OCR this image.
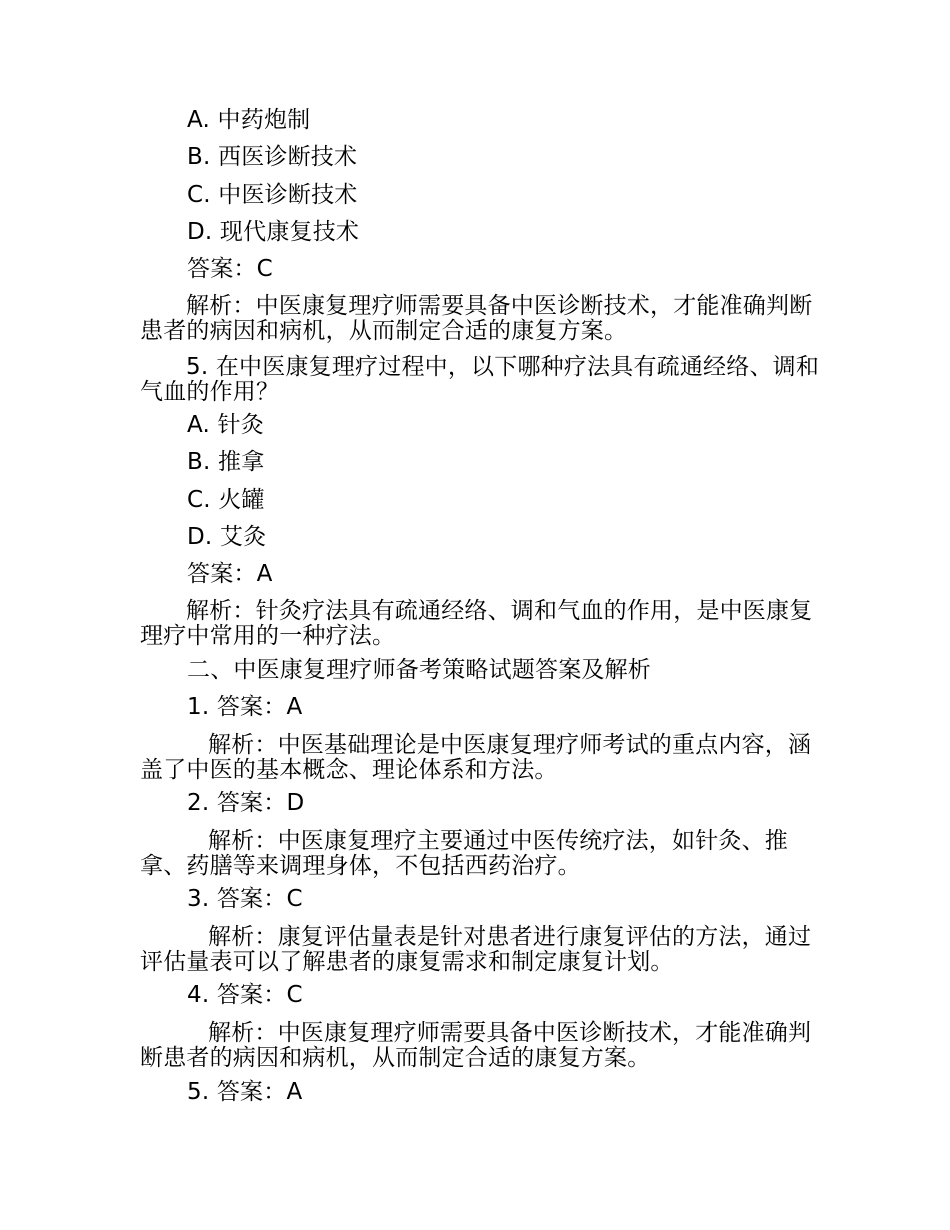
A. 中药炮制
B. 西医诊断技术
C. 中医诊断技术
D. 现代康复技术
答案：C
解析：中医康复理疗师需要具备中医诊断技术，才能准确判断患者的病因和病机，从而制定合适的康复方案。
5. 在中医康复理疗过程中，以下哪种疗法具有疏通经络、调和气血的作用？
A. 针灸
B. 推拿
C. 火罐
D. 艾灸
答案：A
解析：针灸疗法具有疏通经络、调和气血的作用，是中医康复理疗中常用的一种疗法。
二、中医康复理疗师备考策略试题答案及解析
1. 答案：A
解析：中医基础理论是中医康复理疗师考试的重点内容，涵盖了中医的基本概念、理论体系和方法。
2. 答案：D
解析：中医康复理疗主要通过中医传统疗法，如针灸、推拿、药膳等来调理身体，不包括西药治疗。
3. 答案：C
解析：康复评估量表是针对患者进行康复评估的方法，通过评估量表可以了解患者的康复需求和制定康复计划。
4. 答案：C
解析：中医康复理疗师需要具备中医诊断技术，才能准确判断患者的病因和病机，从而制定合适的康复方案。
5. 答案：A
